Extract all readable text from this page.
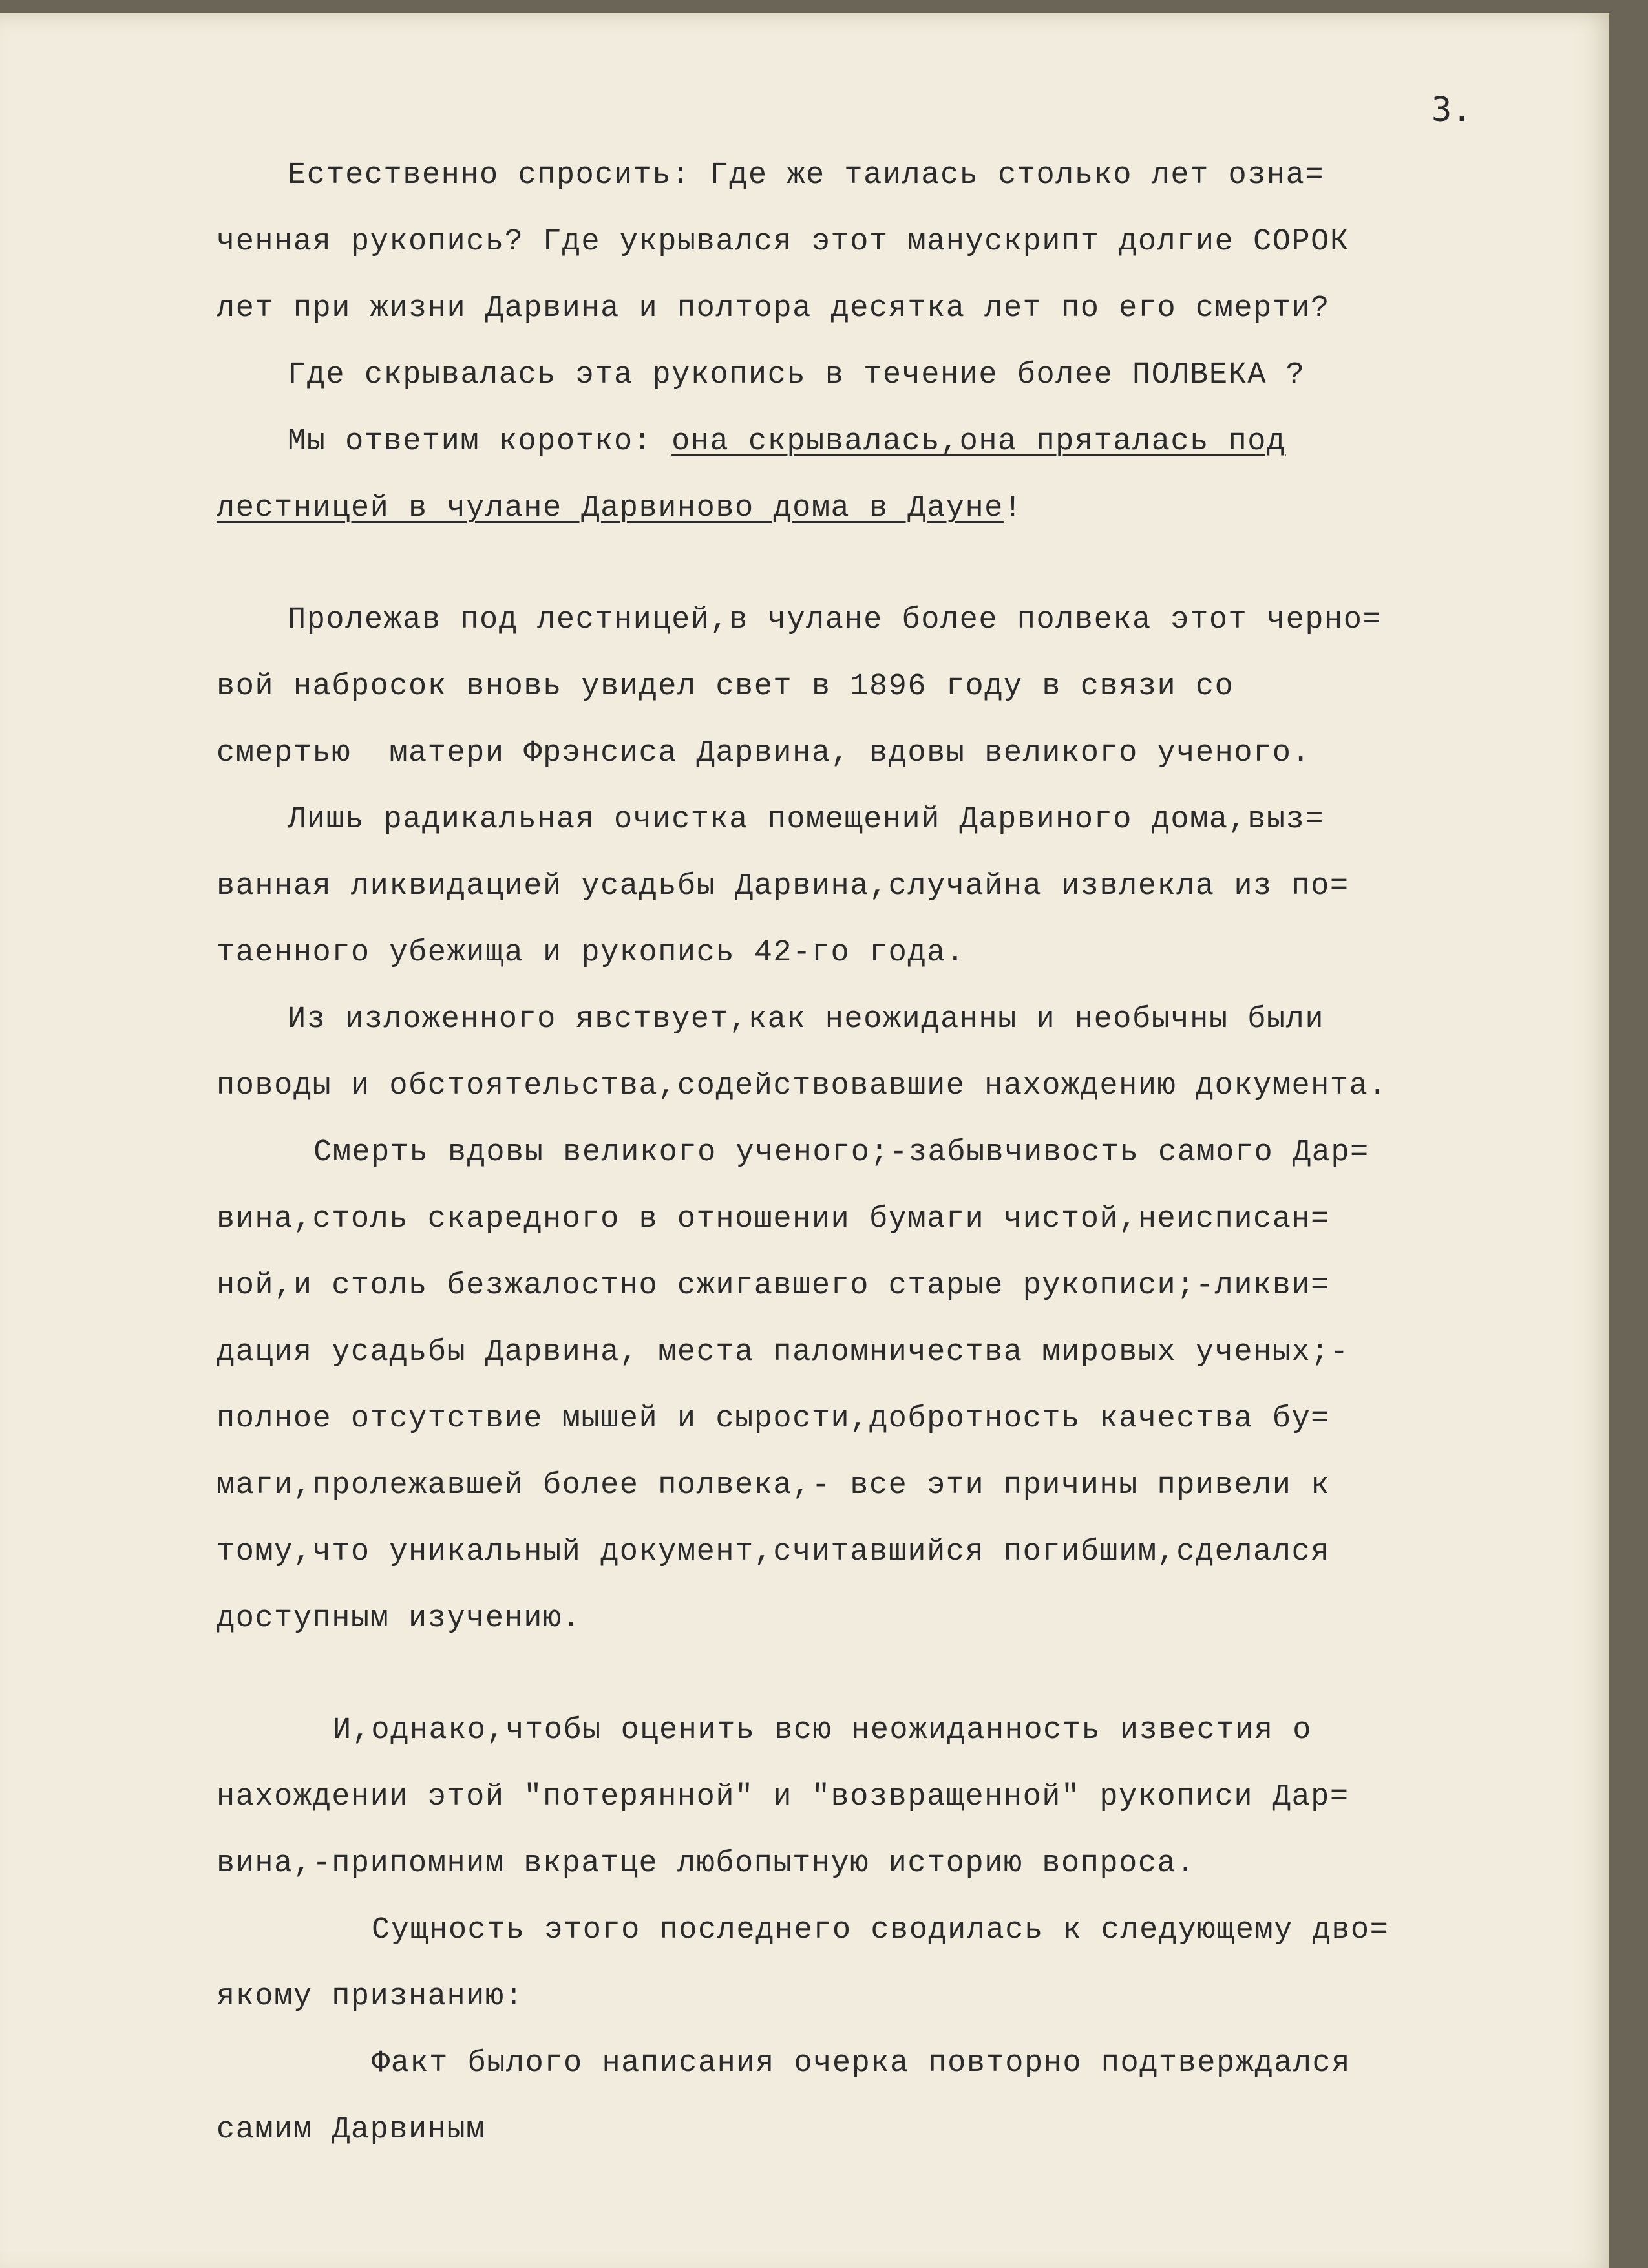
3.

Естественно спросить: Где же таилась столько лет озна=

ченная рукопись? Где укрывался этот манускрипт долгие СОРОК

лет при жизни Дарвина и полтора десятка лет по его смерти?

Где скрывалась эта рукопись в течение более ПОЛВЕКА ?

Мы ответим коротко: она скрывалась,она пряталась под

лестницей в чулане Дарвиново дома в Дауне!

Пролежав под лестницей,в чулане более полвека этот черно=

вой набросок вновь увидел свет в 1896 году в связи со

смертью  матери Фрэнсиса Дарвина, вдовы великого ученого.

Лишь радикальная очистка помещений Дарвиного дома,выз=

ванная ликвидацией усадьбы Дарвина,случайна извлекла из по=

таенного убежища и рукопись 42-го года.

Из изложенного явствует,как неожиданны и необычны были

поводы и обстоятельства,содействовавшие нахождению документа.

Смерть вдовы великого ученого;-забывчивость самого Дар=

вина,столь скаредного в отношении бумаги чистой,неисписан=

ной,и столь безжалостно сжигавшего старые рукописи;-ликви=

дация усадьбы Дарвина, места паломничества мировых ученых;-

полное отсутствие мышей и сырости,добротность качества бу=

маги,пролежавшей более полвека,- все эти причины привели к

тому,что уникальный документ,считавшийся погибшим,сделался

доступным изучению.

И,однако,чтобы оценить всю неожиданность известия о

нахождении этой "потерянной" и "возвращенной" рукописи Дар=

вина,-припомним вкратце любопытную историю вопроса.

Сущность этого последнего сводилась к следующему дво=

якому признанию:

Факт былого написания очерка повторно подтверждался

самим Дарвиным
